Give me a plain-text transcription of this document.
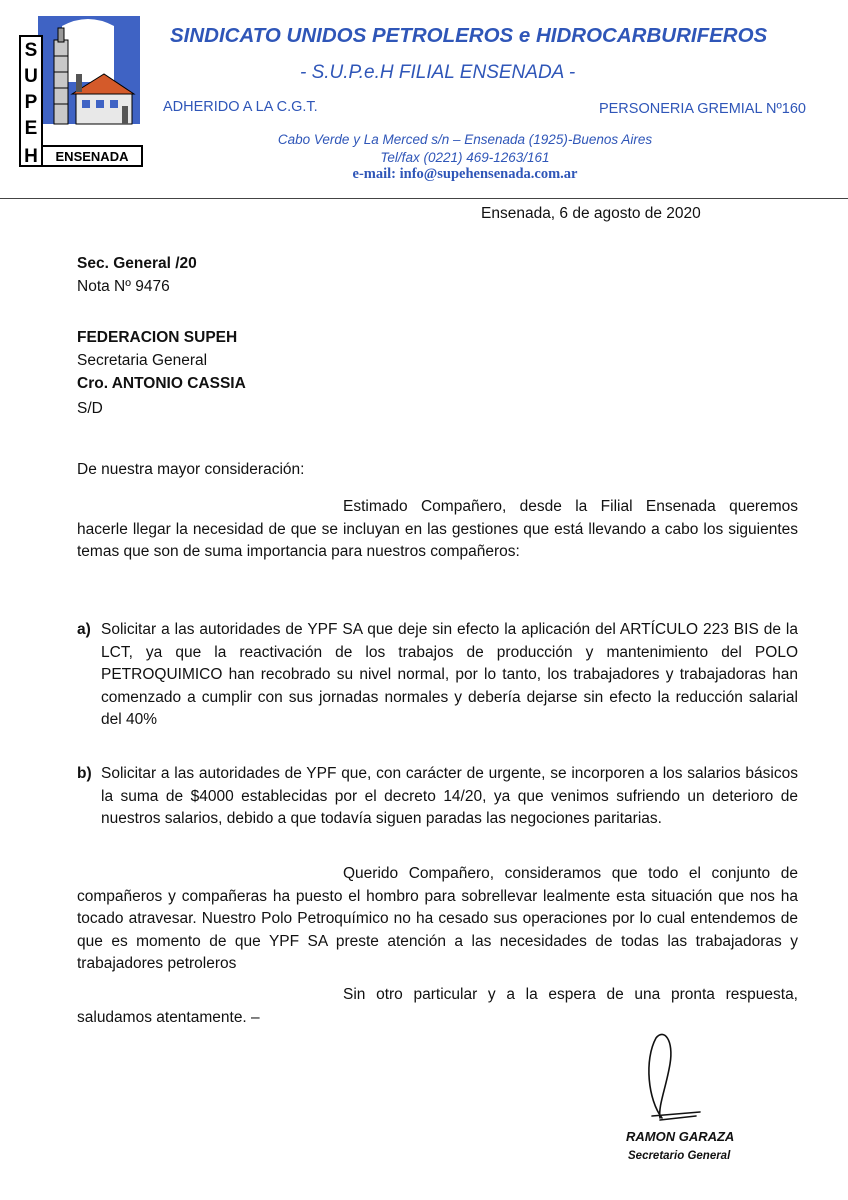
S
U
P
E
H ENSENADA
SINDICATO UNIDOS PETROLEROS e HIDROCARBURIFEROS
- S.U.P.e.H FILIAL ENSENADA -
ADHERIDO A LA C.G.T.	PERSONERIA GREMIAL Nº160
Cabo Verde y La Merced s/n – Ensenada (1925)-Buenos Aires
Tel/fax (0221) 469-1263/161
e-mail: info@supehensenada.com.ar
Ensenada, 6 de agosto de 2020
Sec. General /20
Nota Nº 9476
FEDERACION SUPEH
Secretaria General
Cro. ANTONIO CASSIA
S/D
De nuestra mayor consideración:
Estimado Compañero, desde la Filial Ensenada queremos hacerle llegar la necesidad de que se incluyan en las gestiones que está llevando a cabo los siguientes temas que son de suma importancia para nuestros compañeros:
a) Solicitar a las autoridades de YPF SA que deje sin efecto la aplicación del ARTÍCULO 223 BIS de la LCT, ya que la reactivación de los trabajos de producción y mantenimiento del POLO PETROQUIMICO han recobrado su nivel normal, por lo tanto, los trabajadores y trabajadoras han comenzado a cumplir con sus jornadas normales y debería dejarse sin efecto la reducción salarial del 40%
b) Solicitar a las autoridades de YPF que, con carácter de urgente, se incorporen a los salarios básicos la suma de $4000 establecidas por el decreto 14/20, ya que venimos sufriendo un deterioro de nuestros salarios, debido a que todavía siguen paradas las negociones paritarias.
Querido Compañero, consideramos que todo el conjunto de compañeros y compañeras ha puesto el hombro para sobrellevar lealmente esta situación que nos ha tocado atravesar. Nuestro Polo Petroquímico no ha cesado sus operaciones por lo cual entendemos de que es momento de que YPF SA preste atención a las necesidades de todas las trabajadoras y trabajadores petroleros
Sin otro particular y a la espera de una pronta respuesta, saludamos atentamente. –
RAMON GARAZA
Secretario General
